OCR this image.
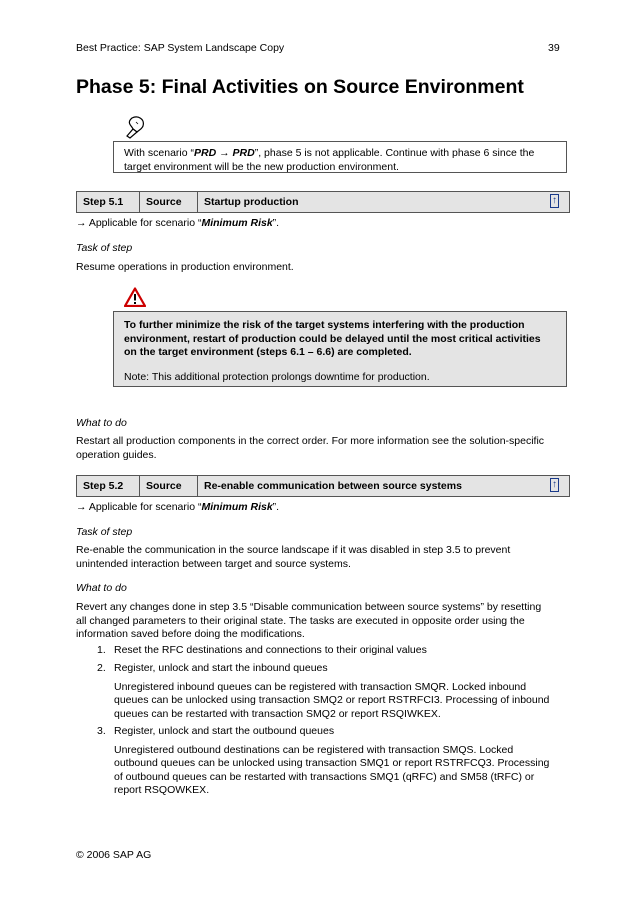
Best Practice: SAP System Landscape Copy	39
Phase 5: Final Activities on Source Environment
With scenario “PRD → PRD”, phase 5 is not applicable. Continue with phase 6 since the
target environment will be the new production environment.
Step 5.1	Source	Startup production	↑
→ Applicable for scenario “Minimum Risk”.
Task of step
Resume operations in production environment.
To further minimize the risk of the target systems interfering with the production
environment, restart of production could be delayed until the most critical activities
on the target environment (steps 6.1 – 6.6) are completed.
Note: This additional protection prolongs downtime for production.
What to do
Restart all production components in the correct order. For more information see the solution-specific
operation guides.
Step 5.2	Source	Re-enable communication between source systems	↑
→ Applicable for scenario “Minimum Risk”.
Task of step
Re-enable the communication in the source landscape if it was disabled in step 3.5 to prevent
unintended interaction between target and source systems.
What to do
Revert any changes done in step 3.5 “Disable communication between source systems” by resetting
all changed parameters to their original state. The tasks are executed in opposite order using the
information saved before doing the modifications.
1. Reset the RFC destinations and connections to their original values
2. Register, unlock and start the inbound queues
Unregistered inbound queues can be registered with transaction SMQR. Locked inbound
queues can be unlocked using transaction SMQ2 or report RSTRFCI3. Processing of inbound
queues can be restarted with transaction SMQ2 or report RSQIWKEX.
3. Register, unlock and start the outbound queues
Unregistered outbound destinations can be registered with transaction SMQS. Locked
outbound queues can be unlocked using transaction SMQ1 or report RSTRFCQ3. Processing
of outbound queues can be restarted with transactions SMQ1 (qRFC) and SM58 (tRFC) or
report RSQOWKEX.
© 2006 SAP AG
